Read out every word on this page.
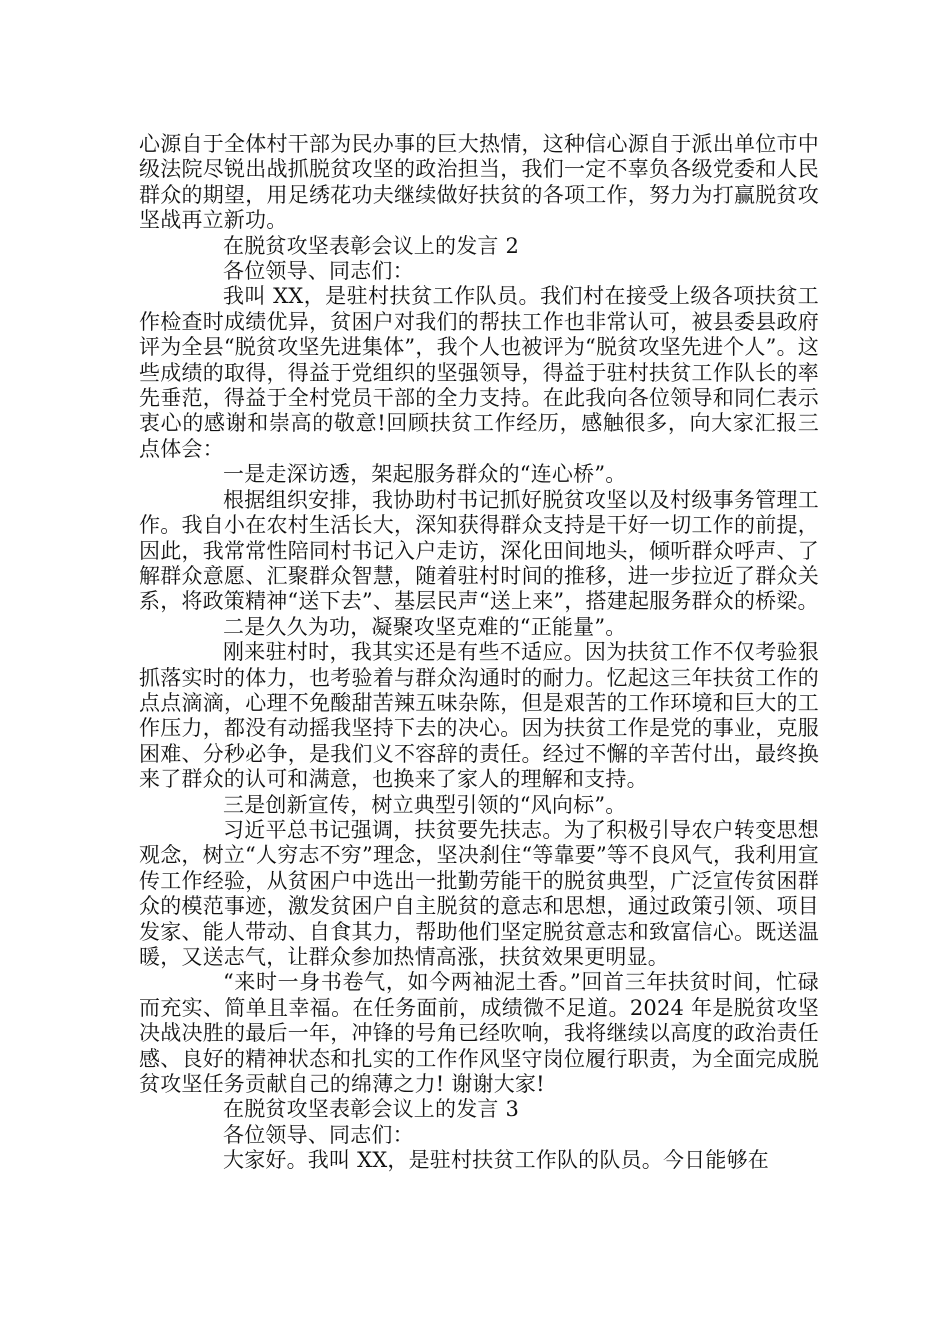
心源自于全体村干部为民办事的巨大热情，这种信心源自于派出单位市中级法院尽锐出战抓脱贫攻坚的政治担当，我们一定不辜负各级党委和人民群众的期望，用足绣花功夫继续做好扶贫的各项工作，努力为打赢脱贫攻坚战再立新功。

在脱贫攻坚表彰会议上的发言 2

各位领导、同志们：

我叫 XX，是驻村扶贫工作队员。我们村在接受上级各项扶贫工作检查时成绩优异，贫困户对我们的帮扶工作也非常认可，被县委县政府评为全县“脱贫攻坚先进集体”，我个人也被评为“脱贫攻坚先进个人”。这些成绩的取得，得益于党组织的坚强领导，得益于驻村扶贫工作队长的率先垂范，得益于全村党员干部的全力支持。在此我向各位领导和同仁表示衷心的感谢和崇高的敬意!回顾扶贫工作经历，感触很多，向大家汇报三点体会：

一是走深访透，架起服务群众的“连心桥”。

根据组织安排，我协助村书记抓好脱贫攻坚以及村级事务管理工作。我自小在农村生活长大，深知获得群众支持是干好一切工作的前提，因此，我常常性陪同村书记入户走访，深化田间地头，倾听群众呼声、了解群众意愿、汇聚群众智慧，随着驻村时间的推移，进一步拉近了群众关系，将政策精神“送下去”、基层民声“送上来”，搭建起服务群众的桥梁。

二是久久为功，凝聚攻坚克难的“正能量”。

刚来驻村时，我其实还是有些不适应。因为扶贫工作不仅考验狠抓落实时的体力，也考验着与群众沟通时的耐力。忆起这三年扶贫工作的点点滴滴，心理不免酸甜苦辣五味杂陈，但是艰苦的工作环境和巨大的工作压力，都没有动摇我坚持下去的决心。因为扶贫工作是党的事业，克服困难、分秒必争，是我们义不容辞的责任。经过不懈的辛苦付出，最终换来了群众的认可和满意，也换来了家人的理解和支持。

三是创新宣传，树立典型引领的“风向标”。

习近平总书记强调，扶贫要先扶志。为了积极引导农户转变思想观念，树立“人穷志不穷”理念，坚决刹住“等靠要”等不良风气，我利用宣传工作经验，从贫困户中选出一批勤劳能干的脱贫典型，广泛宣传贫困群众的模范事迹，激发贫困户自主脱贫的意志和思想，通过政策引领、项目发家、能人带动、自食其力，帮助他们坚定脱贫意志和致富信心。既送温暖，又送志气，让群众参加热情高涨，扶贫效果更明显。

“来时一身书卷气，如今两袖泥土香。”回首三年扶贫时间，忙碌而充实、简单且幸福。在任务面前，成绩微不足道。2024 年是脱贫攻坚决战决胜的最后一年，冲锋的号角已经吹响，我将继续以高度的政治责任感、良好的精神状态和扎实的工作作风坚守岗位履行职责，为全面完成脱贫攻坚任务贡献自己的绵薄之力! 谢谢大家!

在脱贫攻坚表彰会议上的发言 3

各位领导、同志们：

大家好。我叫 XX，是驻村扶贫工作队的队员。今日能够在
